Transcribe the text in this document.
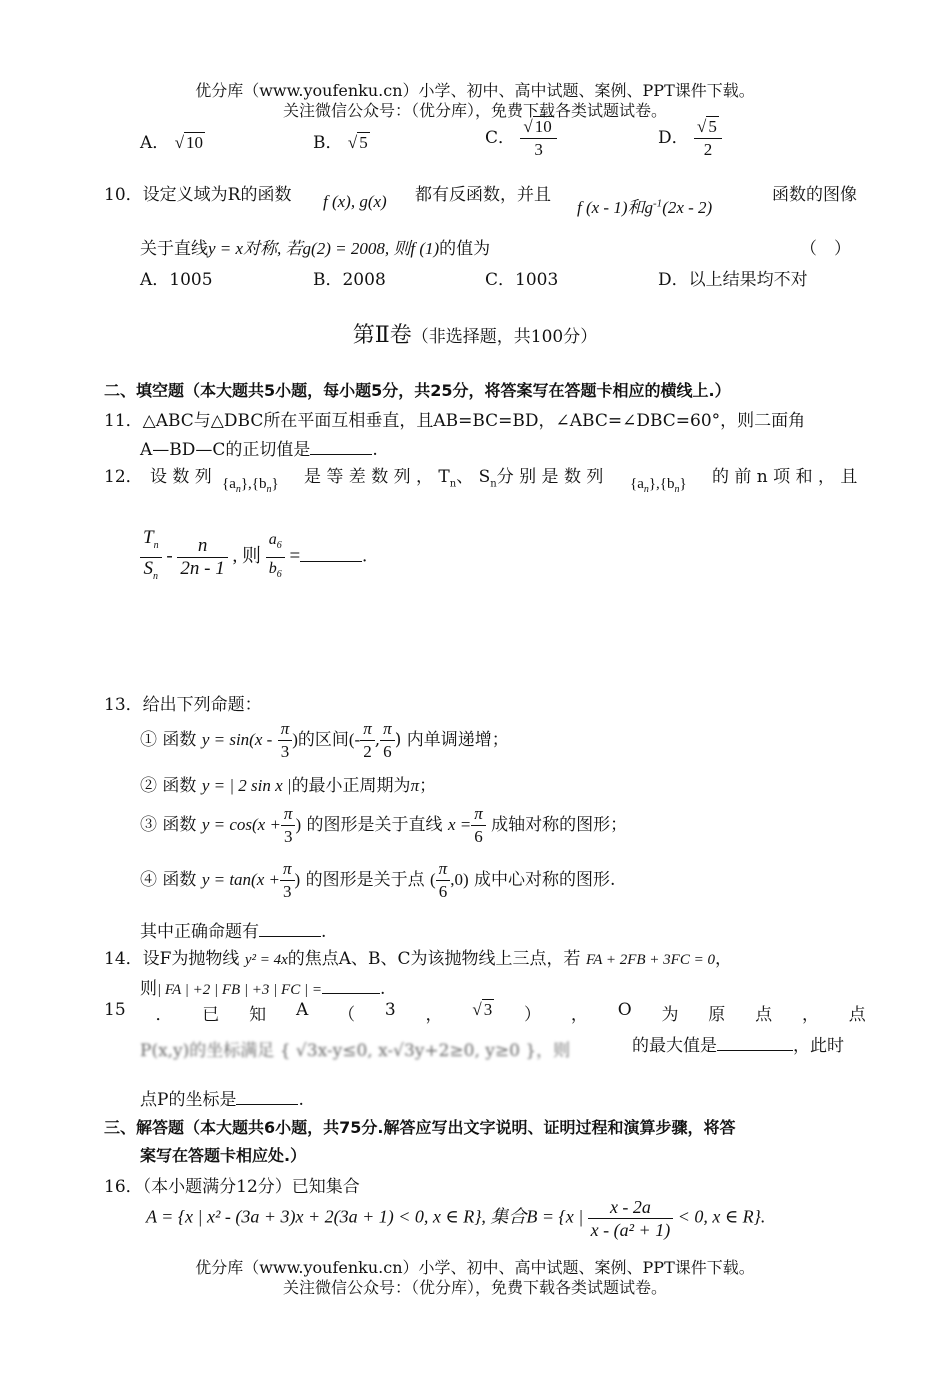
优分库（www.youfenku.cn）小学、初中、高中试题、案例、PPT课件下载。
关注微信公众号：（优分库），免费下载各类试题试卷。
A． √ 10	B． √ 5	C． $\frac{√ 10}{3}$	D． $\frac{√ 5}{2}$
10．设定义域为R的函数 f (x), g(x) 都有反函数，并且
f (x - 1)和$g^{-1}(2x - 2)$
函数的图像
关于直线y = x对称, 若g(2) = 2008, 则f (1)的值为	（　）
A．1005	B．2008	C．1003	D．以上结果均不对
第Ⅱ卷（非选择题，共100分）
二、填空题（本大题共5小题，每小题5分，共25分，将答案写在答题卡相应的横线上.）
11．△ABC与△DBC所在平面互相垂直，且AB=BC=BD，∠ABC=∠DBC=60°，则二面角
A—BD—C的正切值是	.
12． 设 数 列 $\{a_n\},\{b_n\}$ 是 等 差 数 列 ， $T_n$、 $S_n$分 别 是 数 列 $\{a_n\},\{b_n\}$ 的 前 n 项 和 ， 且
$\frac{T_n}{S_n} - \frac{n}{2n - 1}$ , 则 $\frac{a_6}{b_6}$ =	.
13．给出下列命题：
① 函数 $y = \sin(x - \frac{\pi}{3}$ )的区间(- $\frac{\pi}{2}$ , $\frac{\pi}{6}$ ) 内单调递增；
② 函数 y = | 2 sin x |的最小正周期为π；
③ 函数 $y = \cos(x + \frac{\pi}{3}$ ) 的图形是关于直线 $x = \frac{\pi}{6}$ 成轴对称的图形；
④ 函数 $y = \tan(x + \frac{\pi}{3}$ ) 的图形是关于点 ( $\frac{\pi}{6} ,0$) 成中心对称的图形.
其中正确命题有	.
14．设F为抛物线 y² = 4x的焦点A、B、C为该抛物线上三点，若 FA + 2FB + 3FC = 0，
则| FA | +2 | FB | +3 | FC | =	.
15 ． 已 知 A （ 3 ， √ 3 ） ， O 为 原 点 ， 点
P(x,y)的坐标满足 { √3x-y≤0, x-√3y+2≥0, y≥0 }，则	的最大值是	，此时
点P的坐标是	.
三、解答题（本大题共6小题，共75分.解答应写出文字说明、证明过程和演算步骤，将答
案写在答题卡相应处.）
16．（本小题满分12分）已知集合
A = {x | x² - (3a + 3)x + 2(3a + 1) < 0, x ∈ R}, 集合B = {x | $\frac{x - 2a}{\text{x - (a² + 1)}} < 0$, x ∈ R}.
优分库（www.youfenku.cn）小学、初中、高中试题、案例、PPT课件下载。
关注微信公众号：（优分库），免费下载各类试题试卷。
